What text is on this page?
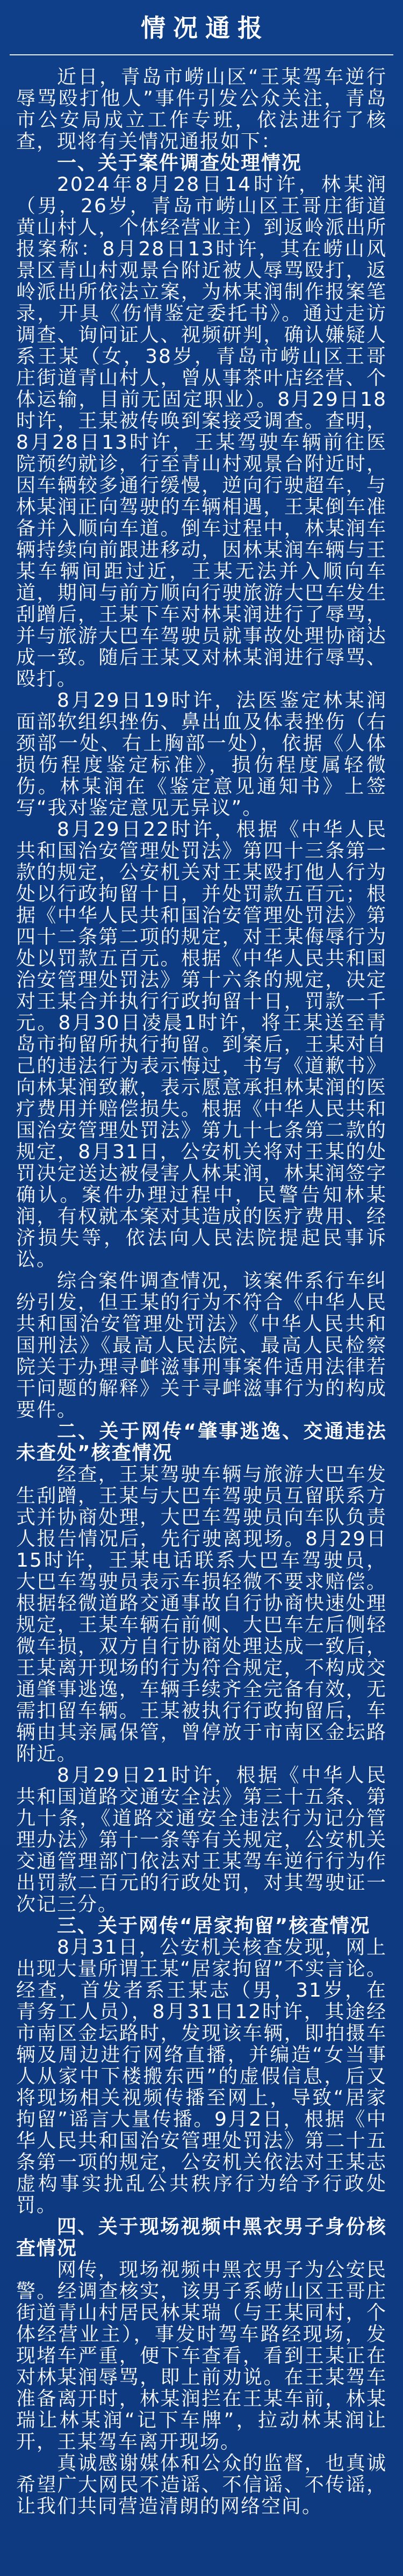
情况通报

近日，青岛市崂山区“王某驾车逆行辱骂殴打他人”事件引发公众关注，青岛市公安局成立工作专班，依法进行了核查，现将有关情况通报如下：

一、关于案件调查处理情况

2024年8月28日14时许，林某润（男，26岁，青岛市崂山区王哥庄街道黄山村人，个体经营业主）到返岭派出所报案称：8月28日13时许，其在崂山风景区青山村观景台附近被人辱骂殴打，返岭派出所依法立案，为林某润制作报案笔录，开具《伤情鉴定委托书》。通过走访调查、询问证人、视频研判，确认嫌疑人系王某（女，38岁，青岛市崂山区王哥庄街道青山村人，曾从事茶叶店经营、个体运输，目前无固定职业）。8月29日18时许，王某被传唤到案接受调查。查明，8月28日13时许，王某驾驶车辆前往医院预约就诊，行至青山村观景台附近时，因车辆较多通行缓慢，逆向行驶超车，与林某润正向驾驶的车辆相遇，王某倒车准备并入顺向车道。倒车过程中，林某润车辆持续向前跟进移动，因林某润车辆与王某车辆间距过近，王某无法并入顺向车道，期间与前方顺向行驶旅游大巴车发生刮蹭后，王某下车对林某润进行了辱骂，并与旅游大巴车驾驶员就事故处理协商达成一致。随后王某又对林某润进行辱骂、殴打。

8月29日19时许，法医鉴定林某润面部软组织挫伤、鼻出血及体表挫伤（右颈部一处、右上胸部一处），依据《人体损伤程度鉴定标准》，损伤程度属轻微伤。林某润在《鉴定意见通知书》上签写“我对鉴定意见无异议”。

8月29日22时许，根据《中华人民共和国治安管理处罚法》第四十三条第一款的规定，公安机关对王某殴打他人行为处以行政拘留十日，并处罚款五百元；根据《中华人民共和国治安管理处罚法》第四十二条第二项的规定，对王某侮辱行为处以罚款五百元。根据《中华人民共和国治安管理处罚法》第十六条的规定，决定对王某合并执行行政拘留十日，罚款一千元。8月30日凌晨1时许，将王某送至青岛市拘留所执行拘留。到案后，王某对自己的违法行为表示悔过，书写《道歉书》向林某润致歉，表示愿意承担林某润的医疗费用并赔偿损失。根据《中华人民共和国治安管理处罚法》第九十七条第二款的规定，8月31日，公安机关将对王某的处罚决定送达被侵害人林某润，林某润签字确认。案件办理过程中，民警告知林某润，有权就本案对其造成的医疗费用、经济损失等，依法向人民法院提起民事诉讼。

综合案件调查情况，该案件系行车纠纷引发，但王某的行为不符合《中华人民共和国治安管理处罚法》《中华人民共和国刑法》《最高人民法院、最高人民检察院关于办理寻衅滋事刑事案件适用法律若干问题的解释》关于寻衅滋事行为的构成要件。

二、关于网传“肇事逃逸、交通违法未查处”核查情况

经查，王某驾驶车辆与旅游大巴车发生刮蹭，王某与大巴车驾驶员互留联系方式并协商处理，大巴车驾驶员向车队负责人报告情况后，先行驶离现场。8月29日15时许，王某电话联系大巴车驾驶员，大巴车驾驶员表示车损轻微不要求赔偿。根据轻微道路交通事故自行协商快速处理规定，王某车辆右前侧、大巴车左后侧轻微车损，双方自行协商处理达成一致后，王某离开现场的行为符合规定，不构成交通肇事逃逸，车辆手续齐全完备有效，无需扣留车辆。王某被执行行政拘留后，车辆由其亲属保管，曾停放于市南区金坛路附近。

8月29日21时许，根据《中华人民共和国道路交通安全法》第三十五条、第九十条，《道路交通安全违法行为记分管理办法》第十一条等有关规定，公安机关交通管理部门依法对王某驾车逆行行为作出罚款二百元的行政处罚，对其驾驶证一次记三分。

三、关于网传“居家拘留”核查情况

8月31日，公安机关核查发现，网上出现大量所谓王某“居家拘留”不实言论。经查，首发者系王某志（男，31岁，在青务工人员），8月31日12时许，其途经市南区金坛路时，发现该车辆，即拍摄车辆及周边进行网络直播，并编造“女当事人从家中下楼搬东西”的虚假信息，后又将现场相关视频传播至网上，导致“居家拘留”谣言大量传播。9月2日，根据《中华人民共和国治安管理处罚法》第二十五条第一项的规定，公安机关依法对王某志虚构事实扰乱公共秩序行为给予行政处罚。

四、关于现场视频中黑衣男子身份核查情况

网传，现场视频中黑衣男子为公安民警。经调查核实，该男子系崂山区王哥庄街道青山村居民林某瑞（与王某同村，个体经营业主），事发时驾车路经现场，发现堵车严重，便下车查看，看到王某正在对林某润辱骂，即上前劝说。在王某驾车准备离开时，林某润拦在王某车前，林某瑞让林某润“记下车牌”，拉动林某润让开，王某驾车离开现场。

真诚感谢媒体和公众的监督，也真诚希望广大网民不造谣、不信谣、不传谣，让我们共同营造清朗的网络空间。
